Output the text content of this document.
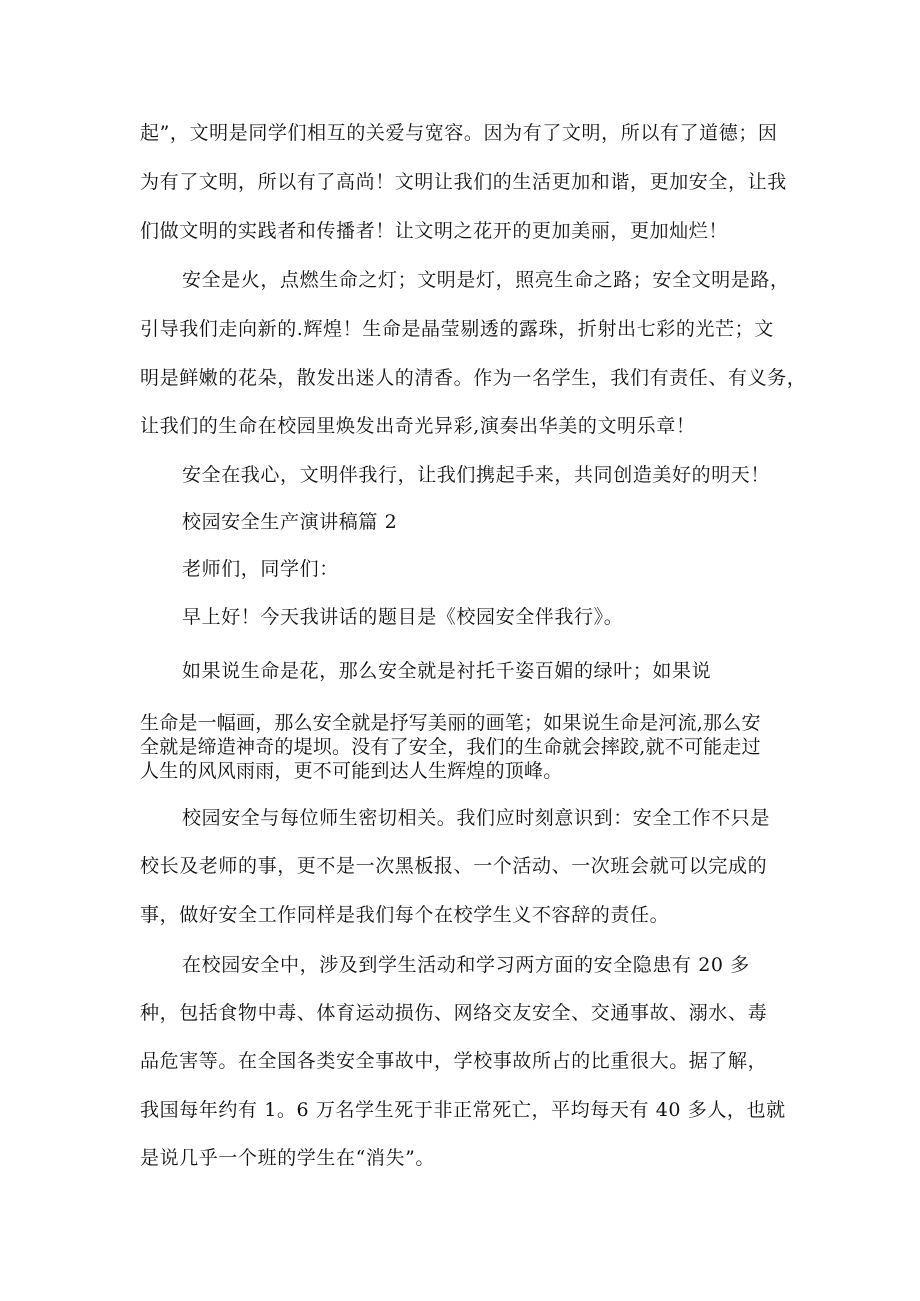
起”，文明是同学们相互的关爱与宽容。因为有了文明，所以有了道德；因
为有了文明，所以有了高尚！文明让我们的生活更加和谐，更加安全，让我
们做文明的实践者和传播者！让文明之花开的更加美丽，更加灿烂！
安全是火，点燃生命之灯；文明是灯，照亮生命之路；安全文明是路，
引导我们走向新的.辉煌！生命是晶莹剔透的露珠，折射出七彩的光芒；文
明是鲜嫩的花朵，散发出迷人的清香。作为一名学生，我们有责任、有义务，
让我们的生命在校园里焕发出奇光异彩,演奏出华美的文明乐章！
安全在我心，文明伴我行，让我们携起手来，共同创造美好的明天！
校园安全生产演讲稿篇 2
老师们，同学们：
早上好！今天我讲话的题目是《校园安全伴我行》。
如果说生命是花，那么安全就是衬托千姿百媚的绿叶；如果说
生命是一幅画，那么安全就是抒写美丽的画笔；如果说生命是河流,那么安
全就是缔造神奇的堤坝。没有了安全，我们的生命就会摔跤,就不可能走过
人生的风风雨雨，更不可能到达人生辉煌的顶峰。
校园安全与每位师生密切相关。我们应时刻意识到：安全工作不只是
校长及老师的事，更不是一次黑板报、一个活动、一次班会就可以完成的
事，做好安全工作同样是我们每个在校学生义不容辞的责任。
在校园安全中，涉及到学生活动和学习两方面的安全隐患有 20 多
种，包括食物中毒、体育运动损伤、网络交友安全、交通事故、溺水、毒
品危害等。在全国各类安全事故中，学校事故所占的比重很大。据了解，
我国每年约有 1。6 万名学生死于非正常死亡，平均每天有 40 多人，也就
是说几乎一个班的学生在“消失”。
